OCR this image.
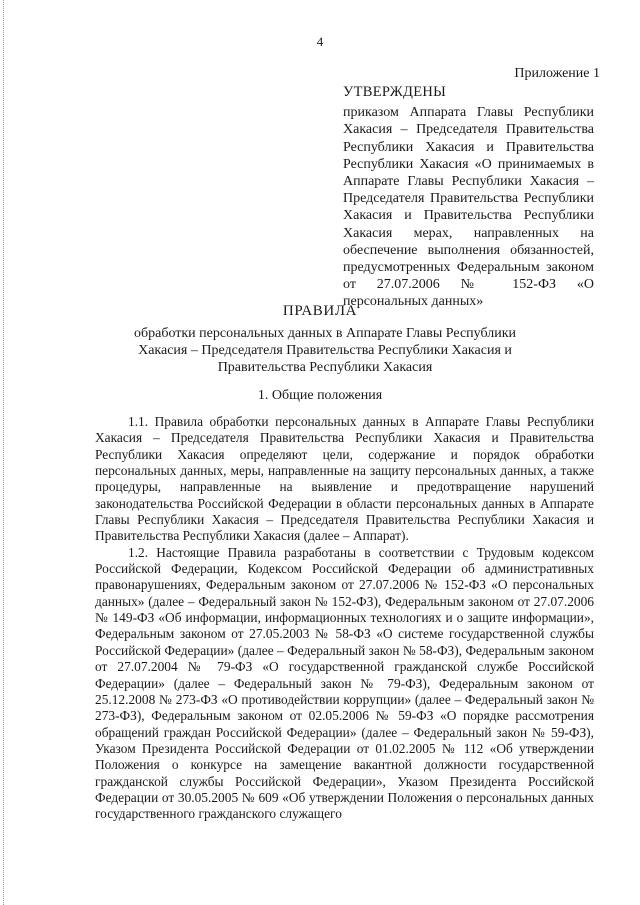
4
Приложение 1
УТВЕРЖДЕНЫ
приказом Аппарата Главы Республики Хакасия – Председателя Правительства Республики Хакасия и Правительства Республики Хакасия «О принимаемых в Аппарате Главы Республики Хакасия – Председателя Правительства Республики Хакасия и Правительства Республики Хакасия мерах, направленных на обеспечение выполнения обязанностей, предусмотренных Федеральным законом от 27.07.2006 № 152-ФЗ «О персональных данных»
ПРАВИЛА
обработки персональных данных в Аппарате Главы Республики Хакасия – Председателя Правительства Республики Хакасия и Правительства Республики Хакасия
1. Общие положения

1.1. Правила обработки персональных данных в Аппарате Главы Республики Хакасия – Председателя Правительства Республики Хакасия и Правительства Республики Хакасия определяют цели, содержание и порядок обработки персональных данных, меры, направленные на защиту персональных данных, а также процедуры, направленные на выявление и предотвращение нарушений законодательства Российской Федерации в области персональных данных в Аппарате Главы Республики Хакасия – Председателя Правительства Республики Хакасия и Правительства Республики Хакасия (далее – Аппарат).

1.2. Настоящие Правила разработаны в соответствии с Трудовым кодексом Российской Федерации, Кодексом Российской Федерации об административных правонарушениях, Федеральным законом от 27.07.2006 № 152-ФЗ «О персональных данных» (далее – Федеральный закон № 152-ФЗ), Федеральным законом от 27.07.2006 № 149-ФЗ «Об информации, информационных технологиях и о защите информации», Федеральным законом от 27.05.2003 № 58-ФЗ «О системе государственной службы Российской Федерации» (далее – Федеральный закон № 58-ФЗ), Федеральным законом от 27.07.2004 № 79-ФЗ «О государственной гражданской службе Российской Федерации» (далее – Федеральный закон № 79-ФЗ), Федеральным законом от 25.12.2008 № 273-ФЗ «О противодействии коррупции» (далее – Федеральный закон № 273-ФЗ), Федеральным законом от 02.05.2006 № 59-ФЗ «О порядке рассмотрения обращений граждан Российской Федерации» (далее – Федеральный закон № 59-ФЗ), Указом Президента Российской Федерации от 01.02.2005 № 112 «Об утверждении Положения о конкурсе на замещение вакантной должности государственной гражданской службы Российской Федерации», Указом Президента Российской Федерации от 30.05.2005 № 609 «Об утверждении Положения о персональных данных государственного гражданского служащего
